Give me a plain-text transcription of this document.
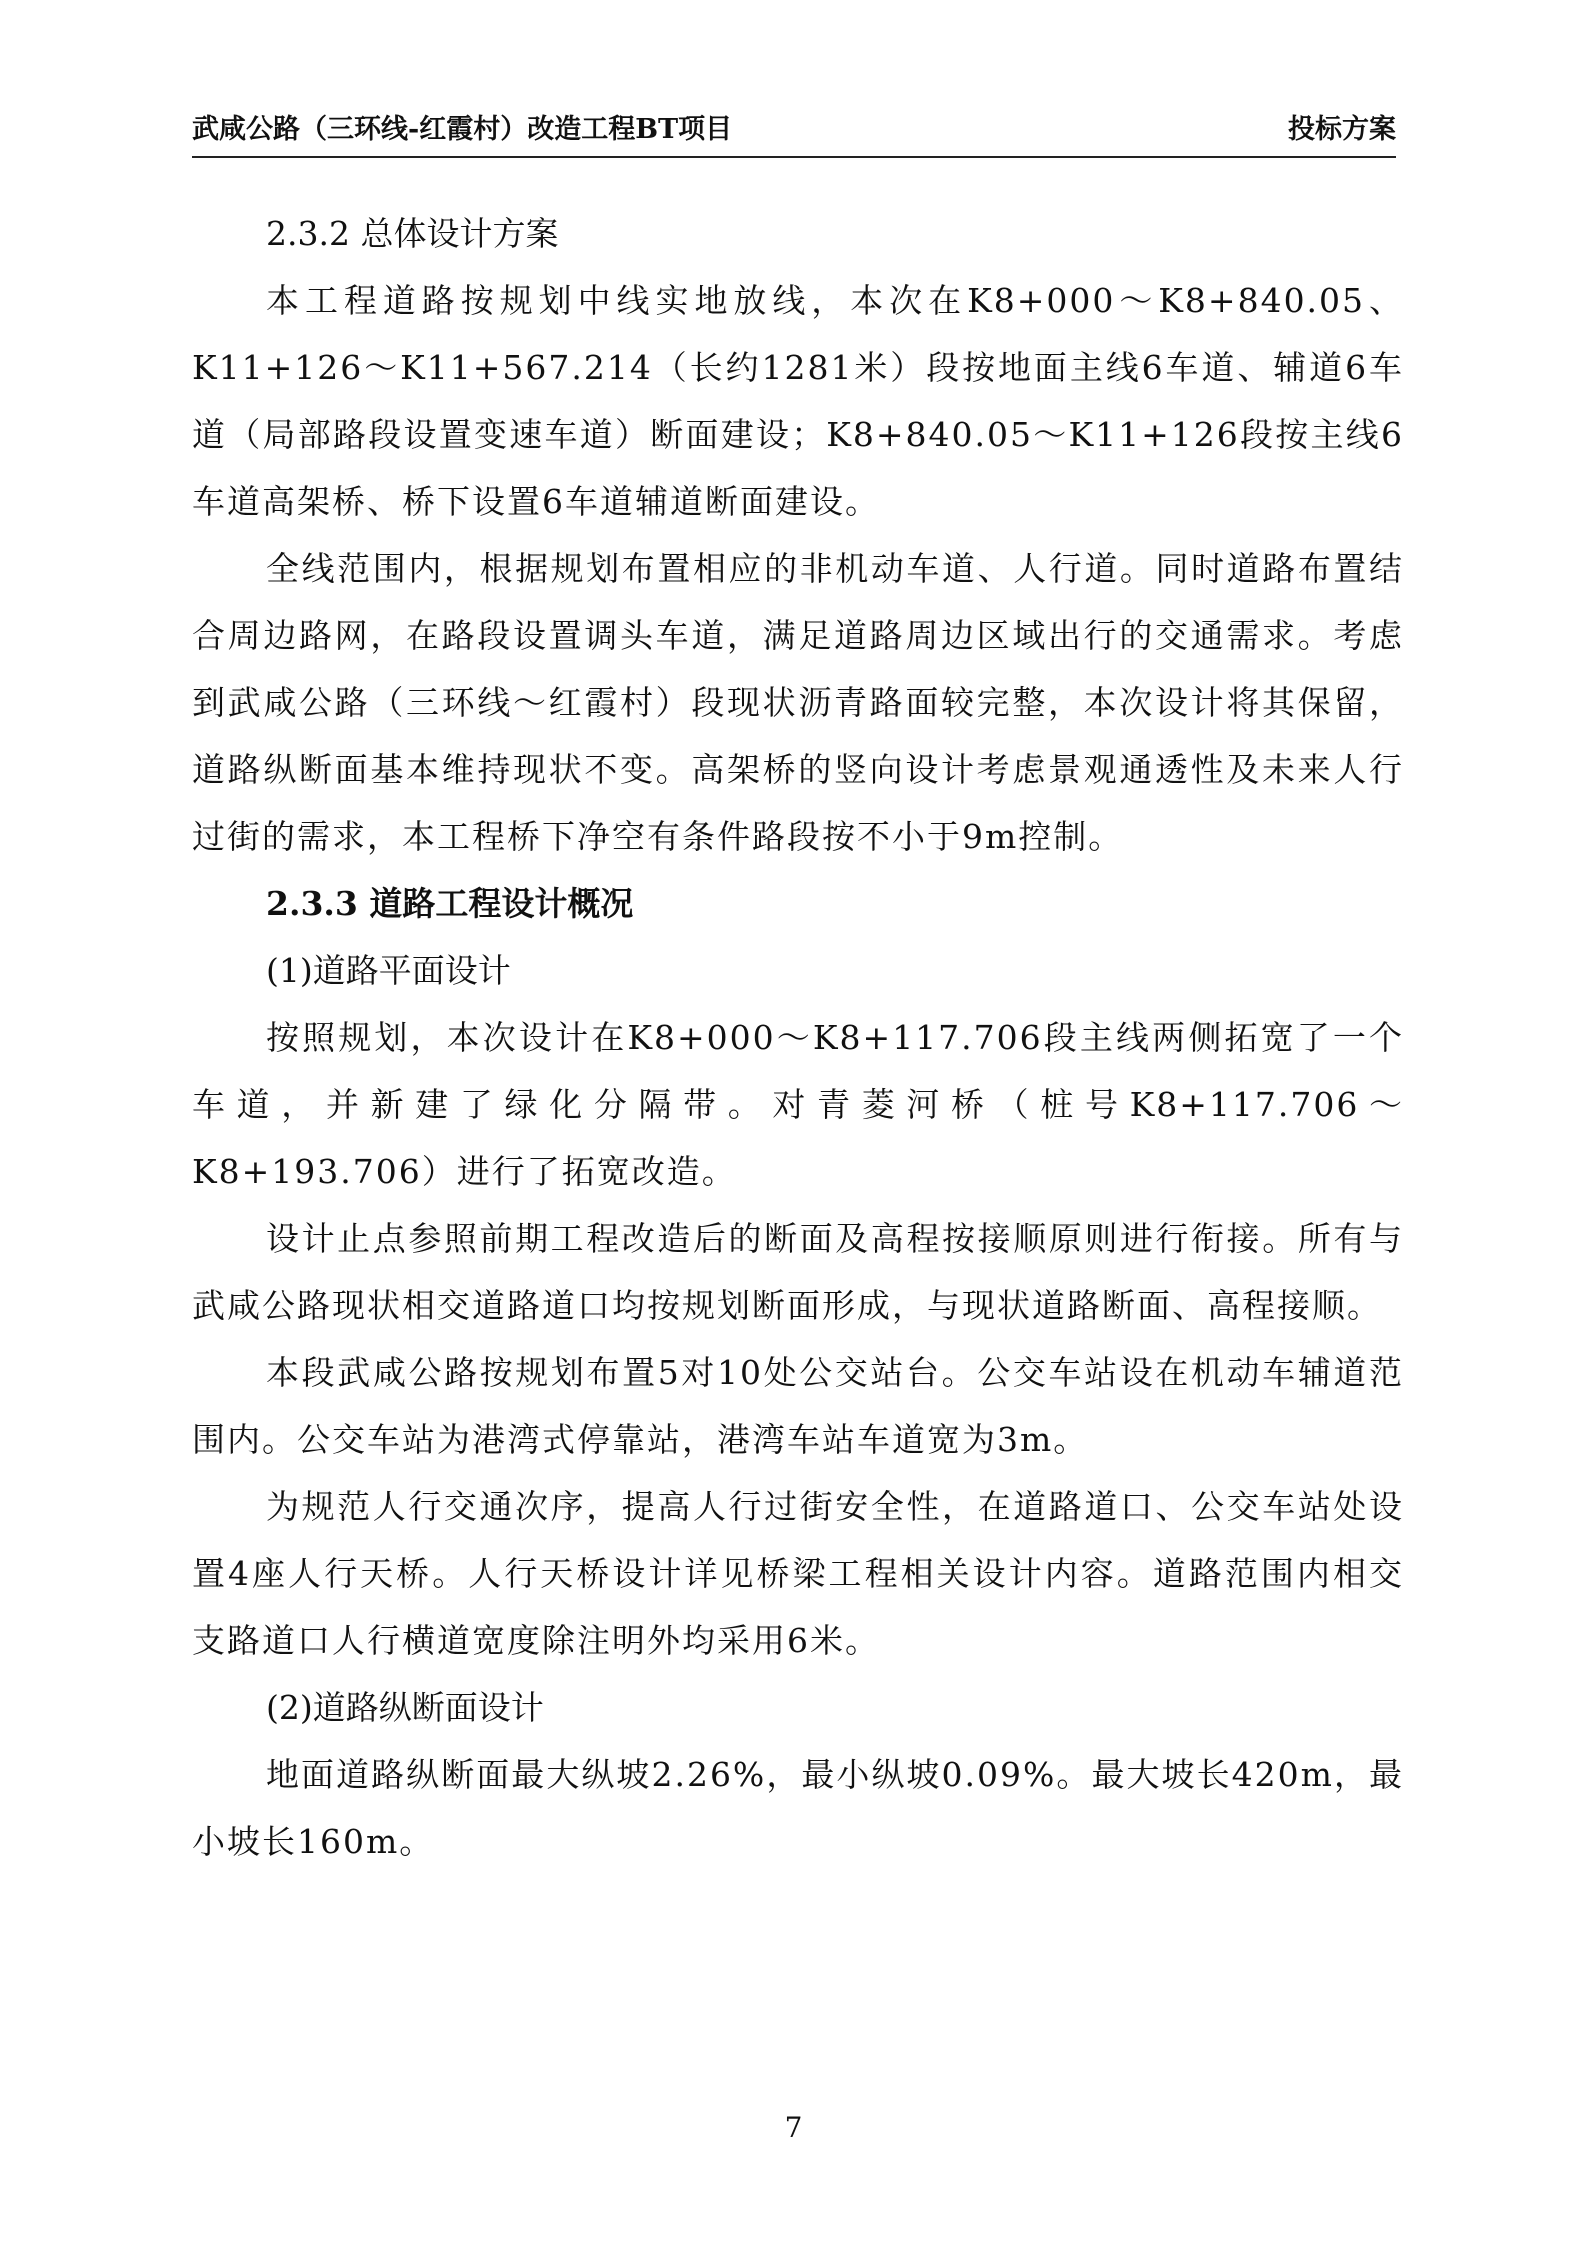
武咸公路（三环线-红霞村）改造工程BT项目	投标方案

2.3.2 总体设计方案

本工程道路按规划中线实地放线，本次在K8+000～K8+840.05、K11+126～K11+567.214（长约1281米）段按地面主线6车道、辅道6车道（局部路段设置变速车道）断面建设；K8+840.05～K11+126段按主线6车道高架桥、桥下设置6车道辅道断面建设。

全线范围内，根据规划布置相应的非机动车道、人行道。同时道路布置结合周边路网，在路段设置调头车道，满足道路周边区域出行的交通需求。考虑到武咸公路（三环线～红霞村）段现状沥青路面较完整，本次设计将其保留，道路纵断面基本维持现状不变。高架桥的竖向设计考虑景观通透性及未来人行过街的需求，本工程桥下净空有条件路段按不小于9m控制。

2.3.3 道路工程设计概况

(1)道路平面设计

按照规划，本次设计在K8+000～K8+117.706段主线两侧拓宽了一个车道，并新建了绿化分隔带。对青菱河桥（桩号K8+117.706～K8+193.706）进行了拓宽改造。

设计止点参照前期工程改造后的断面及高程按接顺原则进行衔接。所有与武咸公路现状相交道路道口均按规划断面形成，与现状道路断面、高程接顺。

本段武咸公路按规划布置5对10处公交站台。公交车站设在机动车辅道范围内。公交车站为港湾式停靠站，港湾车站车道宽为3m。

为规范人行交通次序，提高人行过街安全性，在道路道口、公交车站处设置4座人行天桥。人行天桥设计详见桥梁工程相关设计内容。道路范围内相交支路道口人行横道宽度除注明外均采用6米。

(2)道路纵断面设计

地面道路纵断面最大纵坡2.26%，最小纵坡0.09%。最大坡长420m，最小坡长160m。

7
